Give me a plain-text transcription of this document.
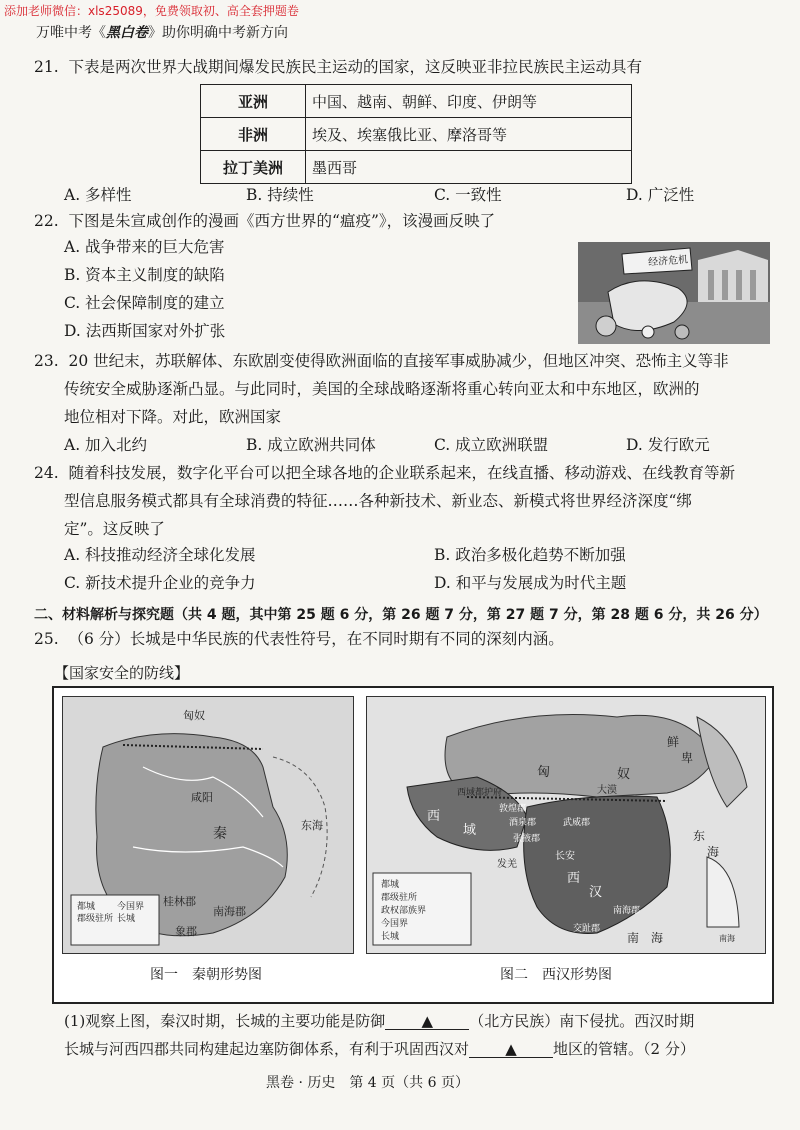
添加老师微信：xls25089，免费领取初、高全套押题卷
万唯中考《黑白卷》助你明确中考新方向
21. 下表是两次世界大战期间爆发民族民主运动的国家，这反映亚非拉民族民主运动具有
亚洲	中国、越南、朝鲜、印度、伊朗等
非洲	埃及、埃塞俄比亚、摩洛哥等
拉丁美洲	墨西哥
A. 多样性	B. 持续性	C. 一致性	D. 广泛性
22. 下图是朱宣咸创作的漫画《西方世界的“瘟疫”》，该漫画反映了
A. 战争带来的巨大危害
B. 资本主义制度的缺陷
C. 社会保障制度的建立
D. 法西斯国家对外扩张
经济危机
23. 20 世纪末，苏联解体、东欧剧变使得欧洲面临的直接军事威胁减少，但地区冲突、恐怖主义等非
传统安全威胁逐渐凸显。与此同时，美国的全球战略逐渐将重心转向亚太和中东地区，欧洲的
地位相对下降。对此，欧洲国家
A. 加入北约	B. 成立欧洲共同体	C. 成立欧洲联盟	D. 发行欧元
24. 随着科技发展，数字化平台可以把全球各地的企业联系起来，在线直播、移动游戏、在线教育等新
型信息服务模式都具有全球消费的特征……各种新技术、新业态、新模式将世界经济深度“绑
定”。这反映了
A. 科技推动经济全球化发展	B. 政治多极化趋势不断加强
C. 新技术提升企业的竞争力	D. 和平与发展成为时代主题
二、材料解析与探究题（共 4 题，其中第 25 题 6 分，第 26 题 7 分，第 27 题 7 分，第 28 题 6 分，共 26 分）
25. （6 分）长城是中华民族的代表性符号，在不同时期有不同的深刻内涵。
【国家安全的防线】
匈奴
咸阳
秦
桂林郡
南海郡
象郡
东海
都城
郡级驻所
今国界
长城
图一　秦朝形势图
匈	奴
西域都护府
西
域	酒泉郡	武威郡
张掖郡
敦煌郡
长安
西
汉
南海郡
交趾郡
鲜
卑
大漠
发羌
东
海
南 海	南海
都城
郡级驻所
政权部族界
今国界
长城
图二　西汉形势图
(1)观察上图，秦汉时期，长城的主要功能是防御 ▲ （北方民族）南下侵扰。西汉时期
长城与河西四郡共同构建起边塞防御体系，有利于巩固西汉对 ▲ 地区的管辖。（2 分）
黑卷 · 历史　第 4 页（共 6 页）
